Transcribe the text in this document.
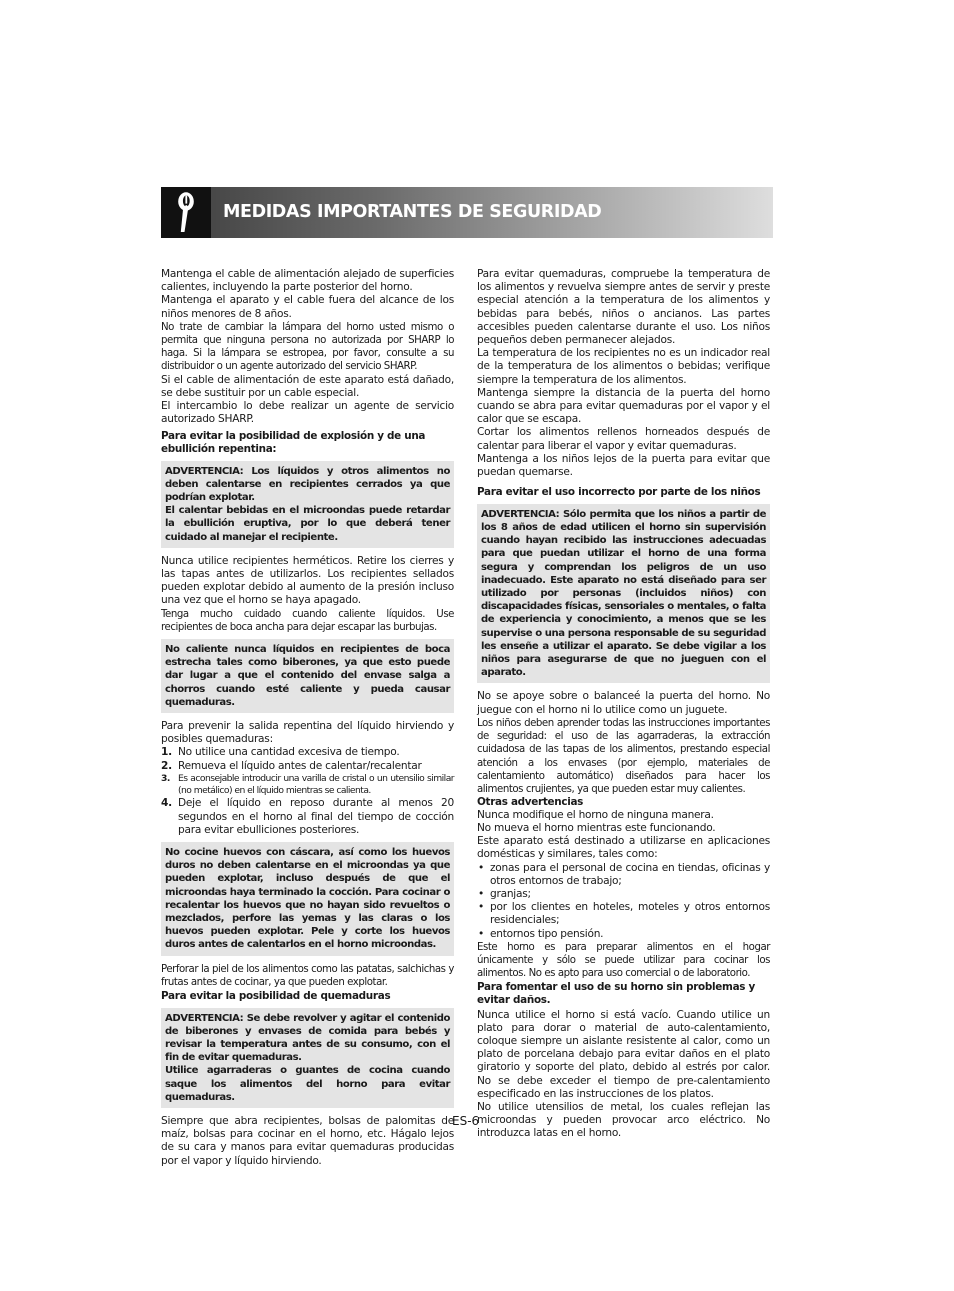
MEDIDAS IMPORTANTES DE SEGURIDAD

Mantenga el cable de alimentación alejado de superficies calientes, incluyendo la parte posterior del horno.

Mantenga el aparato y el cable fuera del alcance de los niños menores de 8 años.

No trate de cambiar la lámpara del horno usted mismo o permita que ninguna persona no autorizada por SHARP lo haga. Si la lámpara se estropea, por favor, consulte a su distribuidor o un agente autorizado del servicio SHARP.

Si el cable de alimentación de este aparato está dañado, se debe sustituir por un cable especial.

El intercambio lo debe realizar un agente de servicio autorizado SHARP.

Para evitar la posibilidad de explosión y de una ebullición repentina:

ADVERTENCIA: Los líquidos y otros alimentos no deben calentarse en recipientes cerrados ya que podrían explotar.

El calentar bebidas en el microondas puede retardar la ebullición eruptiva, por lo que deberá tener cuidado al manejar el recipiente.

Nunca utilice recipientes herméticos. Retire los cierres y las tapas antes de utilizarlos. Los recipientes sellados pueden explotar debido al aumento de la presión incluso una vez que el horno se haya apagado.

Tenga mucho cuidado cuando caliente líquidos. Use recipientes de boca ancha para dejar escapar las burbujas.

No caliente nunca líquidos en recipientes de boca estrecha tales como biberones, ya que esto puede dar lugar a que el contenido del envase salga a chorros cuando esté caliente y pueda causar quemaduras.

Para prevenir la salida repentina del líquido hirviendo y posibles quemaduras:

1. No utilice una cantidad excesiva de tiempo.
2. Remueva el líquido antes de calentar/recalentar
3. Es aconsejable introducir una varilla de cristal o un utensilio similar (no metálico) en el líquido mientras se calienta.
4. Deje el líquido en reposo durante al menos 20 segundos en el horno al final del tiempo de cocción para evitar ebulliciones posteriores.

No cocine huevos con cáscara, así como los huevos duros no deben calentarse en el microondas ya que pueden explotar, incluso después de que el microondas haya terminado la cocción. Para cocinar o recalentar los huevos que no hayan sido revueltos o mezclados, perfore las yemas y las claras o los huevos pueden explotar. Pele y corte los huevos duros antes de calentarlos en el horno microondas.

Perforar la piel de los alimentos como las patatas, salchichas y frutas antes de cocinar, ya que pueden explotar.

Para evitar la posibilidad de quemaduras

ADVERTENCIA: Se debe revolver y agitar el contenido de biberones y envases de comida para bebés y revisar la temperatura antes de su consumo, con el fin de evitar quemaduras.

Utilice agarraderas o guantes de cocina cuando saque los alimentos del horno para evitar quemaduras.

Siempre que abra recipientes, bolsas de palomitas de maíz, bolsas para cocinar en el horno, etc. Hágalo lejos de su cara y manos para evitar quemaduras producidas por el vapor y líquido hirviendo.

Para evitar quemaduras, compruebe la temperatura de los alimentos y revuelva siempre antes de servir y preste especial atención a la temperatura de los alimentos y bebidas para bebés, niños o ancianos. Las partes accesibles pueden calentarse durante el uso. Los niños pequeños deben permanecer alejados.

La temperatura de los recipientes no es un indicador real de la temperatura de los alimentos o bebidas; verifique siempre la temperatura de los alimentos.

Mantenga siempre la distancia de la puerta del horno cuando se abra para evitar quemaduras por el vapor y el calor que se escapa.

Cortar los alimentos rellenos horneados después de calentar para liberar el vapor y evitar quemaduras.

Mantenga a los niños lejos de la puerta para evitar que puedan quemarse.

Para evitar el uso incorrecto por parte de los niños

ADVERTENCIA: Sólo permita que los niños a partir de los 8 años de edad utilicen el horno sin supervisión cuando hayan recibido las instrucciones adecuadas para que puedan utilizar el horno de una forma segura y comprendan los peligros de un uso inadecuado. Este aparato no está diseñado para ser utilizado por personas (incluidos niños) con discapacidades físicas, sensoriales o mentales, o falta de experiencia y conocimiento, a menos que se les supervise o una persona responsable de su seguridad les enseñe a utilizar el aparato. Se debe vigilar a los niños para asegurarse de que no jueguen con el aparato.

No se apoye sobre o balanceé la puerta del horno. No juegue con el horno ni lo utilice como un juguete.

Los niños deben aprender todas las instrucciones importantes de seguridad: el uso de las agarraderas, la extracción cuidadosa de las tapas de los alimentos, prestando especial atención a los envases (por ejemplo, materiales de calentamiento automático) diseñados para hacer los alimentos crujientes, ya que pueden estar muy calientes.

Otras advertencias

Nunca modifique el horno de ninguna manera.

No mueva el horno mientras este funcionando.

Este aparato está destinado a utilizarse en aplicaciones domésticas y similares, tales como:

• zonas para el personal de cocina en tiendas, oficinas y otros entornos de trabajo;
• granjas;
• por los clientes en hoteles, moteles y otros entornos residenciales;
• entornos tipo pensión.

Este horno es para preparar alimentos en el hogar únicamente y sólo se puede utilizar para cocinar los alimentos. No es apto para uso comercial o de laboratorio.

Para fomentar el uso de su horno sin problemas y evitar daños.

Nunca utilice el horno si está vacío. Cuando utilice un plato para dorar o material de auto-calentamiento, coloque siempre un aislante resistente al calor, como un plato de porcelana debajo para evitar daños en el plato giratorio y soporte del plato, debido al estrés por calor. No se debe exceder el tiempo de pre-calentamiento especificado en las instrucciones de los platos.

No utilice utensilios de metal, los cuales reflejan las microondas y pueden provocar arco eléctrico. No introduzca latas en el horno.

ES-6
